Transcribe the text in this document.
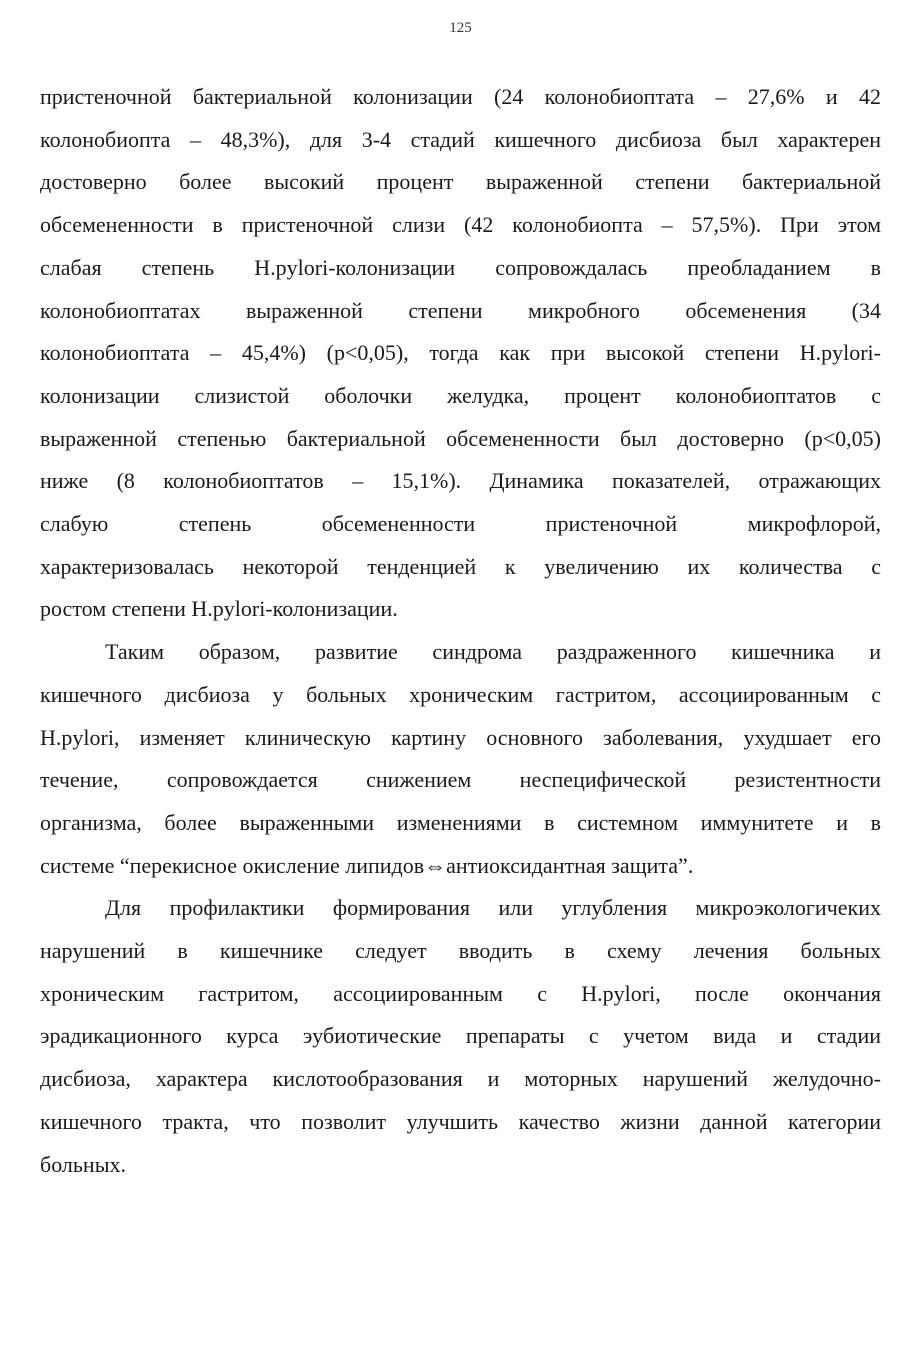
125
пристеночной бактериальной колонизации (24 колонобиоптата – 27,6% и 42
колонобиопта – 48,3%), для 3-4 стадий кишечного дисбиоза был характерен
достоверно более высокий процент выраженной степени бактериальной
обсемененности в пристеночной слизи (42 колонобиопта – 57,5%). При этом
слабая степень H.pylori-колонизации сопровождалась преобладанием в
колонобиоптатах выраженной степени микробного обсеменения (34
колонобиоптата – 45,4%) (p<0,05), тогда как при высокой степени H.pylori-
колонизации слизистой оболочки желудка, процент колонобиоптатов с
выраженной степенью бактериальной обсемененности был достоверно (p<0,05)
ниже (8 колонобиоптатов – 15,1%). Динамика показателей, отражающих
слабую степень обсемененности пристеночной микрофлорой,
характеризовалась некоторой тенденцией к увеличению их количества с
ростом степени H.pylori-колонизации.
Таким образом, развитие синдрома раздраженного кишечника и
кишечного дисбиоза у больных хроническим гастритом, ассоциированным с
H.pylori, изменяет клиническую картину основного заболевания, ухудшает его
течение, сопровождается снижением неспецифической резистентности
организма, более выраженными изменениями в системном иммунитете и в
системе “перекисное окисление липидов⇔антиоксидантная защита”.
Для профилактики формирования или углубления микроэкологичеких
нарушений в кишечнике следует вводить в схему лечения больных
хроническим гастритом, ассоциированным с H.pylori, после окончания
эрадикационного курса эубиотические препараты с учетом вида и стадии
дисбиоза, характера кислотообразования и моторных нарушений желудочно-
кишечного тракта, что позволит улучшить качество жизни данной категории
больных.
